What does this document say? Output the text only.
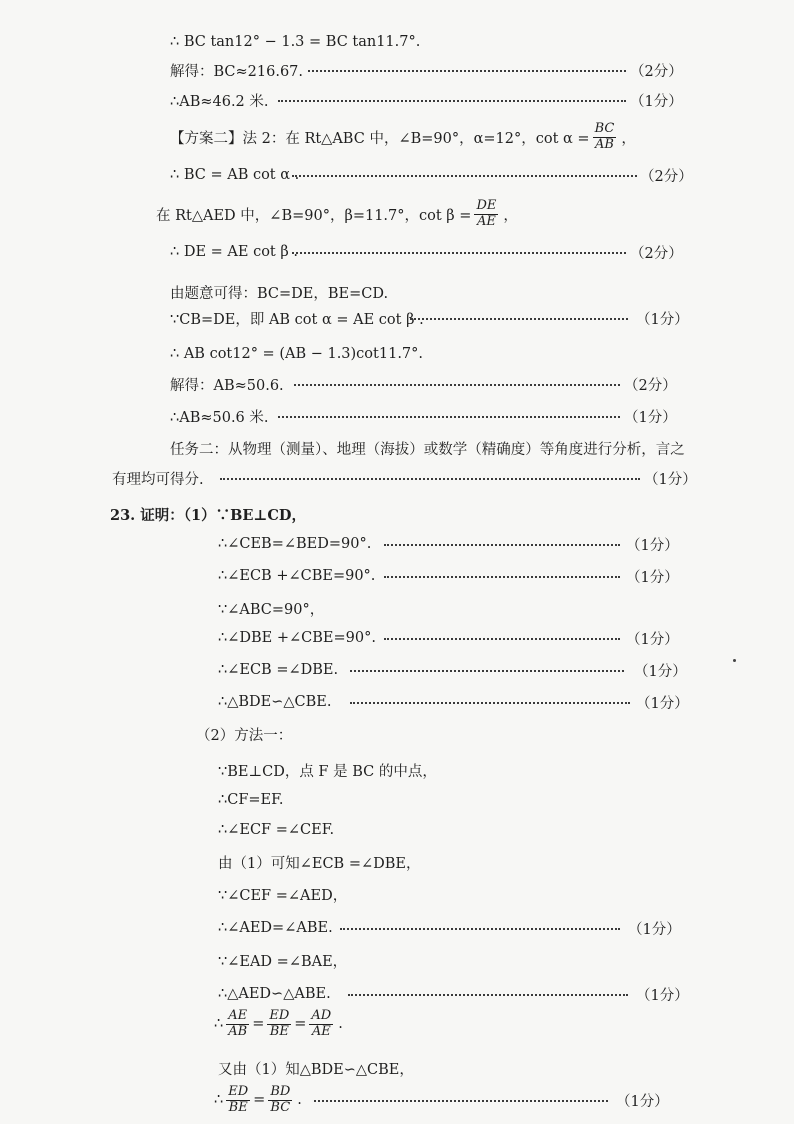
∴ BC tan12° − 1.3 = BC tan11.7°.
解得：BC≈216.67.	（2分）
∴AB≈46.2 米.	（1分）
【方案二】法 2：在 Rt△ABC 中，∠B=90°，α=12°，$\cot \alpha = \frac{BC}{AB}$ ，
∴ BC = AB cot α .	（2分）
在 Rt△AED 中，∠B=90°，β=11.7°，$\cot \beta = \frac{DE}{AE}$ ，
∴ DE = AE cot β .	（2分）
由题意可得：BC=DE，BE=CD.
∵CB=DE，即 AB cot α = AE cot β .	（1分）
∴ AB cot12° = (AB − 1.3)cot11.7°.
解得：AB≈50.6.	（2分）
∴AB≈50.6 米.	（1分）
任务二：从物理（测量）、地理（海拔）或数学（精确度）等角度进行分析，言之
有理均可得分.	（1分）
23. 证明：（1）∵BE⊥CD，
∴∠CEB=∠BED=90°.	（1分）
∴∠ECB +∠CBE=90°.	（1分）
∵∠ABC=90°，
∴∠DBE +∠CBE=90°.	（1分）
∴∠ECB =∠DBE.	（1分）
∴△BDE∽△CBE.	（1分）
（2）方法一：
∵BE⊥CD，点 F 是 BC 的中点，
∴CF=EF.
∴∠ECF =∠CEF.
由（1）可知∠ECB =∠DBE，
∵∠CEF =∠AED，
∴∠AED=∠ABE.	（1分）
∵∠EAD =∠BAE，
∴△AED∽△ABE.	（1分）
∴ $\frac{AE}{AB} = \frac{ED}{BE} = \frac{AD}{AE}$ .
又由（1）知△BDE∽△CBE，
∴ $\frac{ED}{BE} = \frac{BD}{BC}$ .	（1分）
